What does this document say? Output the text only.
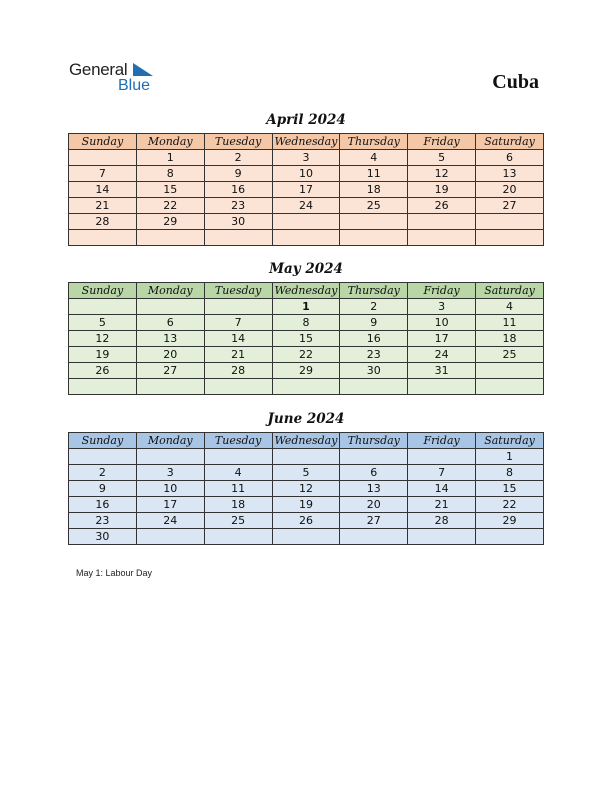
General
Blue	Cuba
April 2024
Sunday	Monday	Tuesday	Wednesday	Thursday	Friday	Saturday
	1	2	3	4	5	6
7	8	9	10	11	12	13
14	15	16	17	18	19	20
21	22	23	24	25	26	27
28	29	30				

May 2024
Sunday	Monday	Tuesday	Wednesday	Thursday	Friday	Saturday
			1	2	3	4
5	6	7	8	9	10	11
12	13	14	15	16	17	18
19	20	21	22	23	24	25
26	27	28	29	30	31	

June 2024
Sunday	Monday	Tuesday	Wednesday	Thursday	Friday	Saturday
						1
2	3	4	5	6	7	8
9	10	11	12	13	14	15
16	17	18	19	20	21	22
23	24	25	26	27	28	29
30						
May 1: Labour Day
